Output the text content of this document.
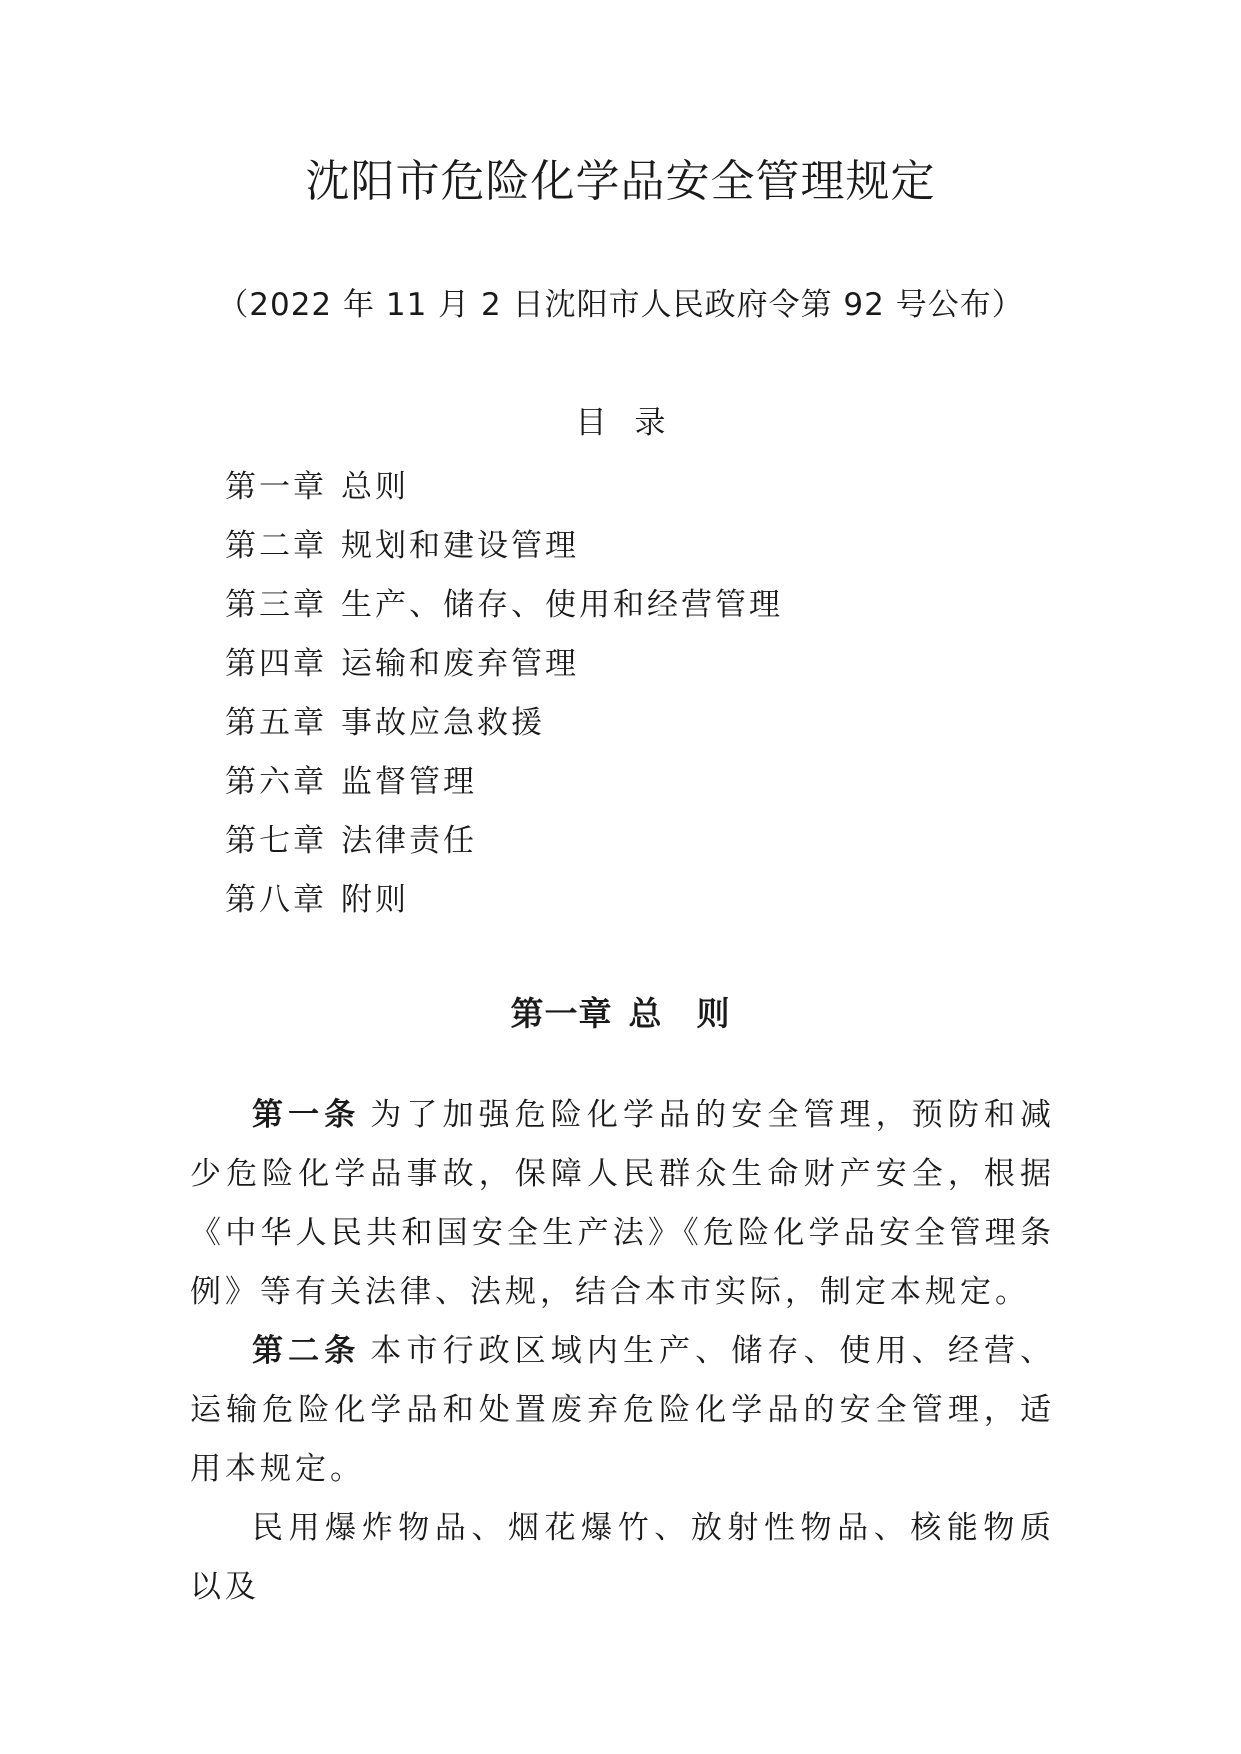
沈阳市危险化学品安全管理规定
（2022 年 11 月 2 日沈阳市人民政府令第 92 号公布）
目录
第一章 总则
第二章 规划和建设管理
第三章 生产、储存、使用和经营管理
第四章 运输和废弃管理
第五章 事故应急救援
第六章 监督管理
第七章 法律责任
第八章 附则
第一章 总　则

第一条 为了加强危险化学品的安全管理，预防和减少危险化学品事故，保障人民群众生命财产安全，根据《中华人民共和国安全生产法》《危险化学品安全管理条例》等有关法律、法规，结合本市实际，制定本规定。

第二条 本市行政区域内生产、储存、使用、经营、运输危险化学品和处置废弃危险化学品的安全管理，适用本规定。

民用爆炸物品、烟花爆竹、放射性物品、核能物质以及
